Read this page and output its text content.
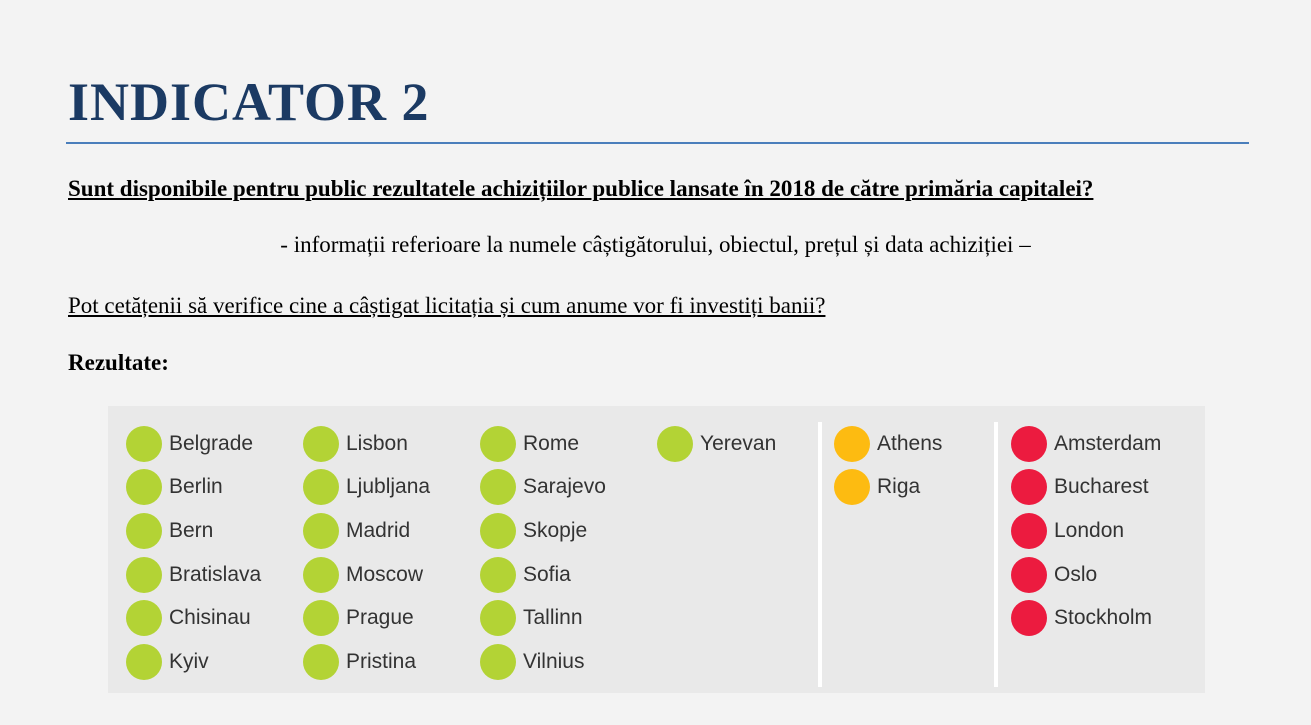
INDICATOR 2
Sunt disponibile pentru public rezultatele achizițiilor publice lansate în 2018 de către primăria capitalei?
- informații referioare la numele câștigătorului, obiectul, prețul și data achiziției –
Pot cetățenii să verifice cine a câștigat licitația și cum anume vor fi investiți banii?
Rezultate:
Belgrade
Berlin
Bern
Bratislava
Chisinau
Kyiv
Lisbon
Ljubljana
Madrid
Moscow
Prague
Pristina
Rome
Sarajevo
Skopje
Sofia
Tallinn
Vilnius
Yerevan	Athens
Riga
Amsterdam
Bucharest
London
Oslo
Stockholm
